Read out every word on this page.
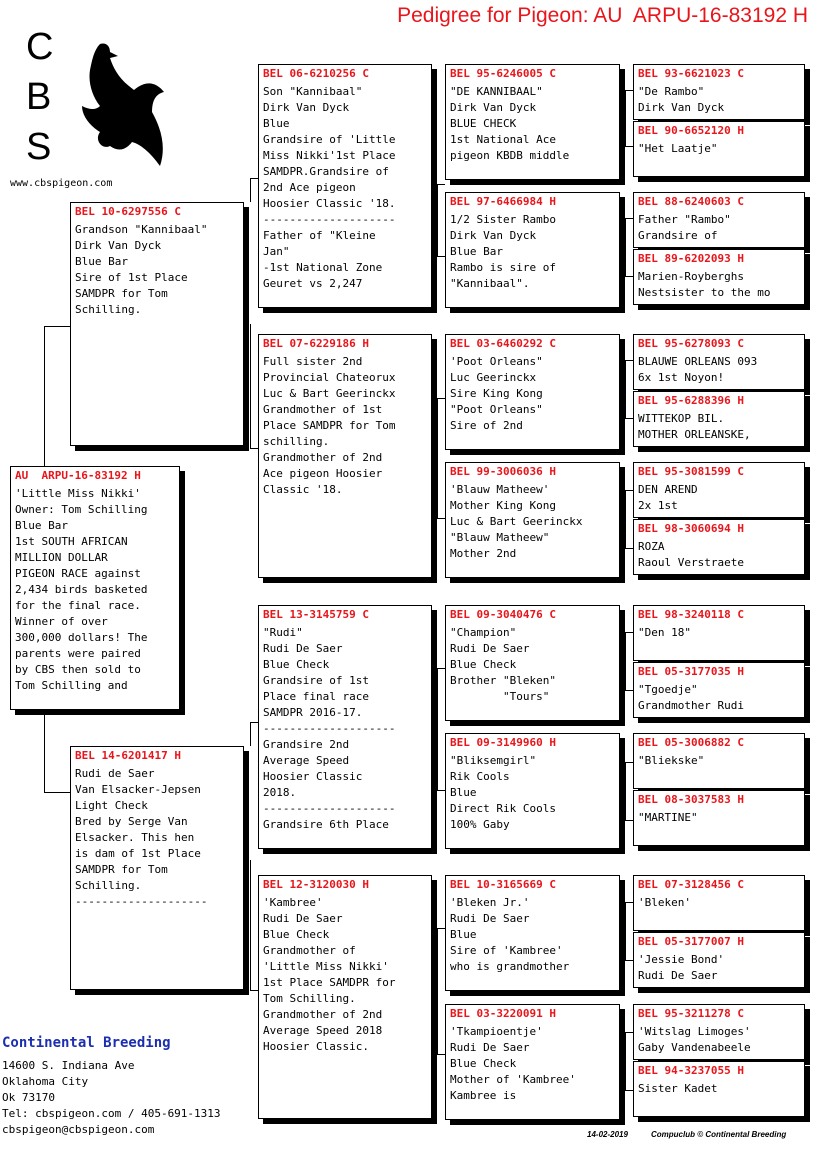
Pedigree for Pigeon: AU  ARPU-16-83192 H
C
B
S
www.cbspigeon.com
AU  ARPU-16-83192 H
'Little Miss Nikki'
Owner: Tom Schilling
Blue Bar
1st SOUTH AFRICAN
MILLION DOLLAR
PIGEON RACE against
2,434 birds basketed
for the final race.
Winner of over
300,000 dollars! The
parents were paired
by CBS then sold to
Tom Schilling and
BEL 10-6297556 C
Grandson "Kannibaal"
Dirk Van Dyck
Blue Bar
Sire of 1st Place
SAMDPR for Tom
Schilling.
BEL 14-6201417 H
Rudi de Saer
Van Elsacker-Jepsen
Light Check
Bred by Serge Van
Elsacker. This hen
is dam of 1st Place
SAMDPR for Tom
Schilling.
--------------------
BEL 06-6210256 C
Son "Kannibaal"
Dirk Van Dyck
Blue
Grandsire of 'Little
Miss Nikki'1st Place
SAMDPR.Grandsire of
2nd Ace pigeon
Hoosier Classic '18.
--------------------
Father of "Kleine
Jan"
-1st National Zone
Geuret vs 2,247
BEL 07-6229186 H
Full sister 2nd
Provincial Chateorux
Luc & Bart Geerinckx
Grandmother of 1st
Place SAMDPR for Tom
schilling.
Grandmother of 2nd
Ace pigeon Hoosier
Classic '18.
BEL 13-3145759 C
"Rudi"
Rudi De Saer
Blue Check
Grandsire of 1st
Place final race
SAMDPR 2016-17.
--------------------
Grandsire 2nd
Average Speed
Hoosier Classic
2018.
--------------------
Grandsire 6th Place
BEL 12-3120030 H
'Kambree'
Rudi De Saer
Blue Check
Grandmother of
'Little Miss Nikki'
1st Place SAMDPR for
Tom Schilling.
Grandmother of 2nd
Average Speed 2018
Hoosier Classic.
BEL 95-6246005 C
"DE KANNIBAAL"
Dirk Van Dyck
BLUE CHECK
1st National Ace
pigeon KBDB middle
BEL 97-6466984 H
1/2 Sister Rambo
Dirk Van Dyck
Blue Bar
Rambo is sire of
"Kannibaal".
BEL 03-6460292 C
'Poot Orleans"
Luc Geerinckx
Sire King Kong
"Poot Orleans"
Sire of 2nd
BEL 99-3006036 H
'Blauw Matheew'
Mother King Kong
Luc & Bart Geerinckx
"Blauw Matheew"
Mother 2nd
BEL 09-3040476 C
"Champion"
Rudi De Saer
Blue Check
Brother "Bleken"
"Tours"
BEL 09-3149960 H
"Bliksemgirl"
Rik Cools
Blue
Direct Rik Cools
100% Gaby
BEL 10-3165669 C
'Bleken Jr.'
Rudi De Saer
Blue
Sire of 'Kambree'
who is grandmother
BEL 03-3220091 H
'Tkampioentje'
Rudi De Saer
Blue Check
Mother of 'Kambree'
Kambree is
BEL 93-6621023 C
"De Rambo"
Dirk Van Dyck
BEL 90-6652120 H
"Het Laatje"
BEL 88-6240603 C
Father "Rambo"
Grandsire of
BEL 89-6202093 H
Marien-Royberghs
Nestsister to the mo
BEL 95-6278093 C
BLAUWE ORLEANS 093
6x 1st Noyon!
BEL 95-6288396 H
WITTEKOP BIL.
MOTHER ORLEANSKE,
BEL 95-3081599 C
DEN AREND
2x 1st
BEL 98-3060694 H
ROZA
Raoul Verstraete
BEL 98-3240118 C
"Den 18"
BEL 05-3177035 H
"Tgoedje"
Grandmother Rudi
BEL 05-3006882 C
"Bliekske"
BEL 08-3037583 H
"MARTINE"
BEL 07-3128456 C
'Bleken'
BEL 05-3177007 H
'Jessie Bond'
Rudi De Saer
BEL 95-3211278 C
'Witslag Limoges'
Gaby Vandenabeele
BEL 94-3237055 H
Sister Kadet
Continental Breeding
14600 S. Indiana Ave
Oklahoma City
Ok 73170
Tel: cbspigeon.com / 405-691-1313
cbspigeon@cbspigeon.com	14-02-2019	Compuclub © Continental Breeding
